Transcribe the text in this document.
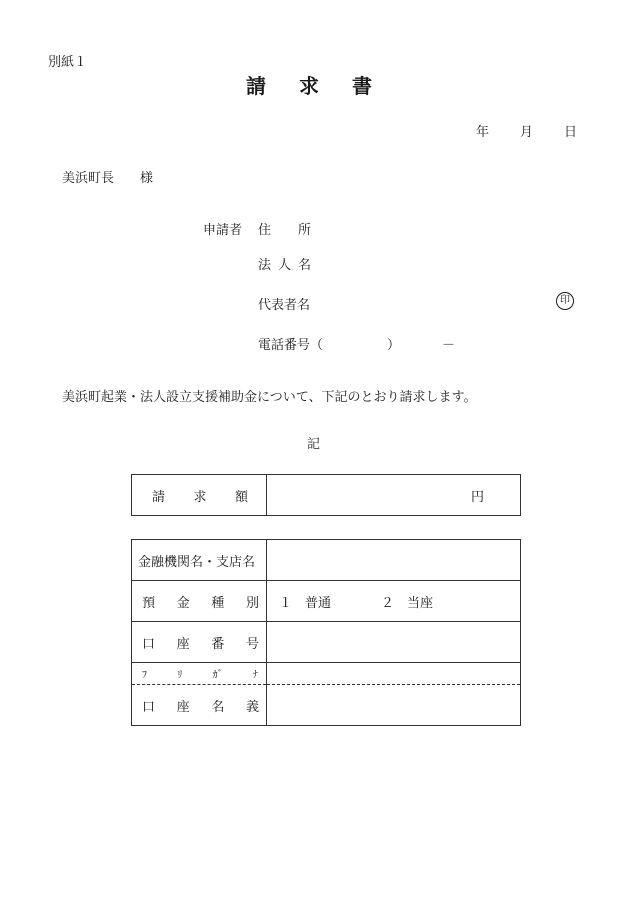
別紙１
請 求 書
年 月 日
美浜町長 様
申請者 住 所
法 人 名
代表者名	印
電話番号（	）	－
美浜町起業・法人設立支援補助金について、下記のとおり請求します。
記
請 求 額	円
金融機関名・支店名	

預 金 種 別	１　普通 ２　当座

口 座 番 号	

ﾌ ﾘ ｶﾞ ﾅ	

口 座 名 義	
